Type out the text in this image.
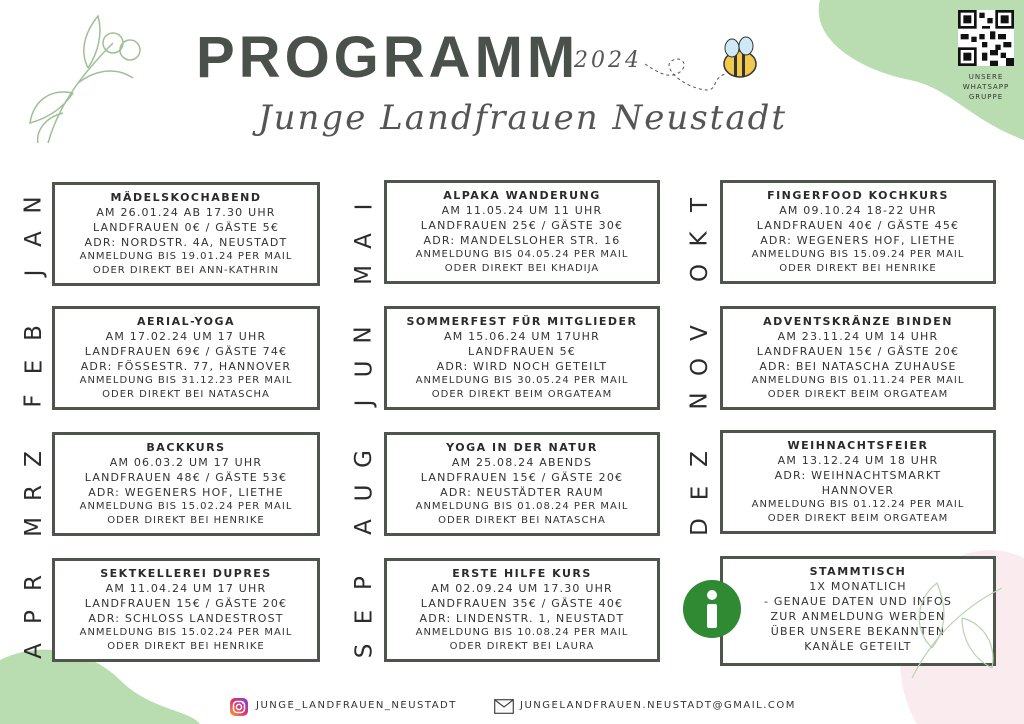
PROGRAMM
2024
Junge Landfrauen Neustadt
UNSERE
WHATSAPP
GRUPPE
N
A
J
B
E
F
Z
R
M
R
P
A
I
A
M
N
U
J
G
U
A
P
E
S
T
K
O
V
O
N
Z
E
D
MÄDELSKOCHABEND
AM 26.01.24 AB 17.30 UHR
LANDFRAUEN 0€ / GÄSTE 5€
ADR: NORDSTR. 4A, NEUSTADT
ANMELDUNG BIS 19.01.24 PER MAIL
ODER DIREKT BEI ANN-KATHRIN
AERIAL-YOGA
AM 17.02.24 UM 17 UHR
LANDFRAUEN 69€ / GÄSTE 74€
ADR: FÖSSESTR. 77, HANNOVER
ANMELDUNG BIS 31.12.23 PER MAIL
ODER DIREKT BEI NATASCHA
BACKKURS
AM 06.03.2 UM 17 UHR
LANDFRAUEN 48€ / GÄSTE 53€
ADR: WEGENERS HOF, LIETHE
ANMELDUNG BIS 15.02.24 PER MAIL
ODER DIREKT BEI HENRIKE
SEKTKELLEREI DUPRES
AM 11.04.24 UM 17 UHR
LANDFRAUEN 15€ / GÄSTE 20€
ADR: SCHLOSS LANDESTROST
ANMELDUNG BIS 15.02.24 PER MAIL
ODER DIREKT BEI HENRIKE
ALPAKA WANDERUNG
AM 11.05.24 UM 11 UHR
LANDFRAUEN 25€ / GÄSTE 30€
ADR: MANDELSLOHER STR. 16
ANMELDUNG BIS 04.05.24 PER MAIL
ODER DIREKT BEI KHADIJA
SOMMERFEST FÜR MITGLIEDER
AM 15.06.24 UM 17UHR
LANDFRAUEN 5€
ADR: WIRD NOCH GETEILT
ANMELDUNG BIS 30.05.24 PER MAIL
ODER DIREKT BEIM ORGATEAM
YOGA IN DER NATUR
AM 25.08.24 ABENDS
LANDFRAUEN 15€ / GÄSTE 20€
ADR: NEUSTÄDTER RAUM
ANMELDUNG BIS 01.08.24 PER MAIL
ODER DIREKT BEI NATASCHA
ERSTE HILFE KURS
AM 02.09.24 UM 17.30 UHR
LANDFRAUEN 35€ / GÄSTE 40€
ADR: LINDENSTR. 1, NEUSTADT
ANMELDUNG BIS 10.08.24 PER MAIL
ODER DIREKT BEI LAURA
FINGERFOOD KOCHKURS
AM 09.10.24 18-22 UHR
LANDFRAUEN 40€ / GÄSTE 45€
ADR: WEGENERS HOF, LIETHE
ANMELDUNG BIS 15.09.24 PER MAIL
ODER DIREKT BEI HENRIKE
ADVENTSKRÄNZE BINDEN
AM 23.11.24 UM 14 UHR
LANDFRAUEN 15€ / GÄSTE 20€
ADR: BEI NATASCHA ZUHAUSE
ANMELDUNG BIS 01.11.24 PER MAIL
ODER DIREKT BEIM ORGATEAM
WEIHNACHTSFEIER
AM 13.12.24 UM 18 UHR
ADR: WEIHNACHTSMARKT
HANNOVER
ANMELDUNG BIS 01.12.24 PER MAIL
ODER DIREKT BEIM ORGATEAM
STAMMTISCH
1X MONATLICH
- GENAUE DATEN UND INFOS
ZUR ANMELDUNG WERDEN
ÜBER UNSERE BEKANNTEN
KANÄLE GETEILT
JUNGE_LANDFRAUEN_NEUSTADT	JUNGELANDFRAUEN.NEUSTADT@GMAIL.COM
